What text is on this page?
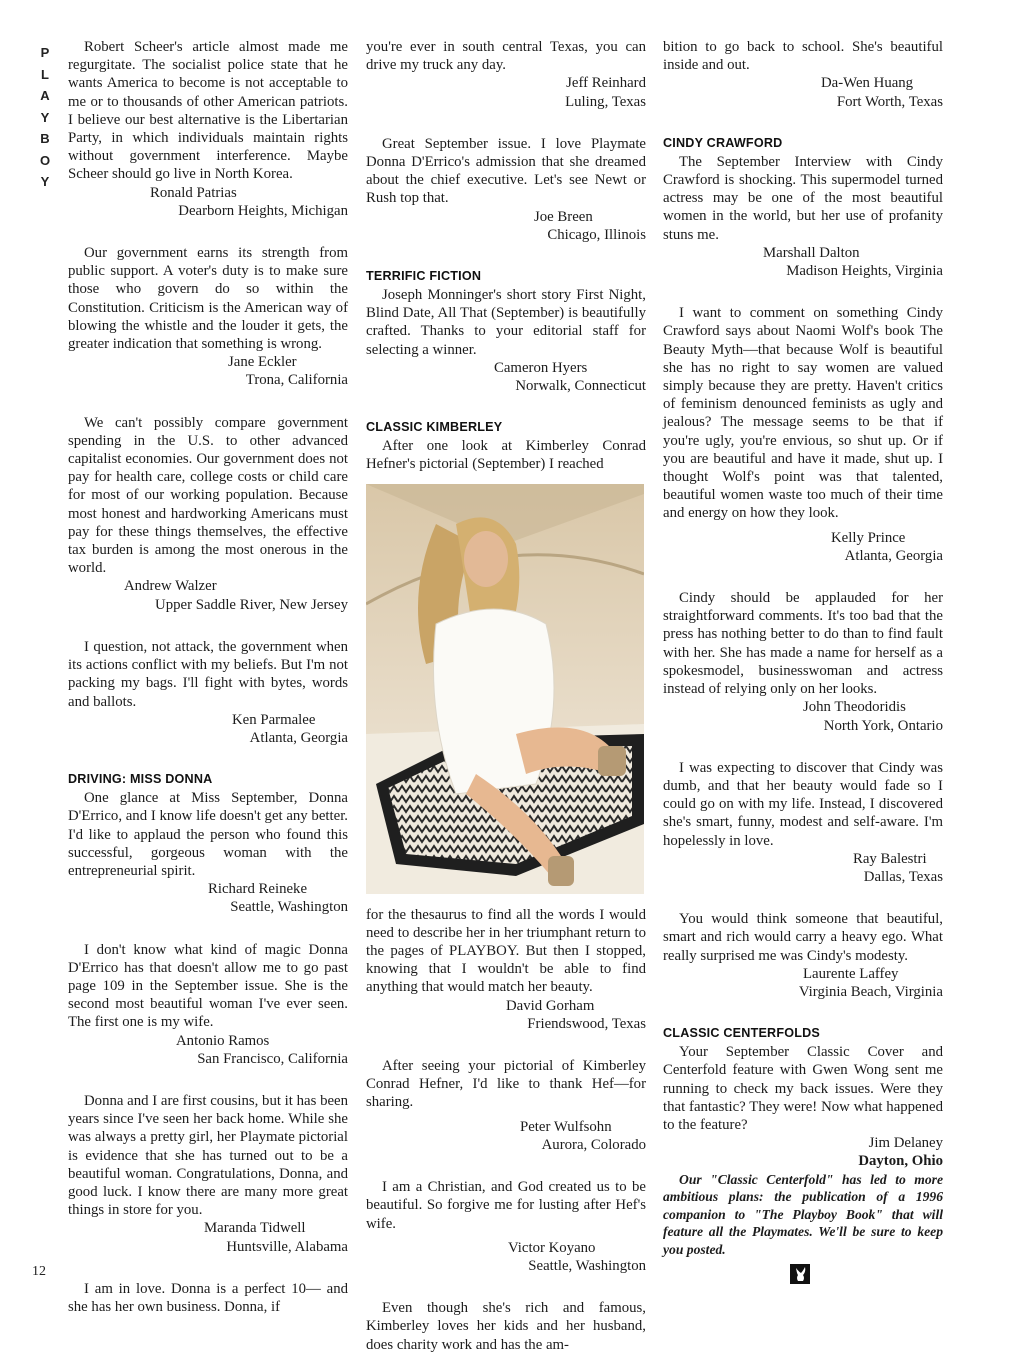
P
L
A
Y
B
O
Y
12

Robert Scheer's article almost made me regurgitate. The socialist police state that he wants America to become is not acceptable to me or to thousands of other American patriots. I believe our best alternative is the Libertarian Party, in which individuals maintain rights without government interference. Maybe Scheer should go live in North Korea.

Ronald Patrias
Dearborn Heights, Michigan

Our government earns its strength from public support. A voter's duty is to make sure those who govern do so within the Constitution. Criticism is the American way of blowing the whistle and the louder it gets, the greater indication that something is wrong.

Jane Eckler
Trona, California

We can't possibly compare government spending in the U.S. to other advanced capitalist economies. Our government does not pay for health care, college costs or child care for most of our working population. Because most honest and hardworking Americans must pay for these things themselves, the effective tax burden is among the most onerous in the world.

Andrew Walzer
Upper Saddle River, New Jersey

I question, not attack, the government when its actions conflict with my beliefs. But I'm not packing my bags. I'll fight with bytes, words and ballots.

Ken Parmalee
Atlanta, Georgia
DRIVING: MISS DONNA

One glance at Miss September, Donna D'Errico, and I know life doesn't get any better. I'd like to applaud the person who found this successful, gorgeous woman with the entrepreneurial spirit.

Richard Reineke
Seattle, Washington

I don't know what kind of magic Donna D'Errico has that doesn't allow me to go past page 109 in the September issue. She is the second most beautiful woman I've ever seen. The first one is my wife.

Antonio Ramos
San Francisco, California

Donna and I are first cousins, but it has been years since I've seen her back home. While she was always a pretty girl, her Playmate pictorial is evidence that she has turned out to be a beautiful woman. Congratulations, Donna, and good luck. I know there are many more great things in store for you.

Maranda Tidwell
Huntsville, Alabama

I am in love. Donna is a perfect 10— and she has her own business. Donna, if

you're ever in south central Texas, you can drive my truck any day.

Jeff Reinhard
Luling, Texas

Great September issue. I love Playmate Donna D'Errico's admission that she dreamed about the chief executive. Let's see Newt or Rush top that.

Joe Breen
Chicago, Illinois
TERRIFIC FICTION

Joseph Monninger's short story First Night, Blind Date, All That (September) is beautifully crafted. Thanks to your editorial staff for selecting a winner.

Cameron Hyers
Norwalk, Connecticut
CLASSIC KIMBERLEY

After one look at Kimberley Conrad Hefner's pictorial (September) I reached

for the thesaurus to find all the words I would need to describe her in her triumphant return to the pages of PLAYBOY. But then I stopped, knowing that I wouldn't be able to find anything that would match her beauty.

David Gorham
Friendswood, Texas

After seeing your pictorial of Kimberley Conrad Hefner, I'd like to thank Hef—for sharing.

Peter Wulfsohn
Aurora, Colorado

I am a Christian, and God created us to be beautiful. So forgive me for lusting after Hef's wife.

Victor Koyano
Seattle, Washington

Even though she's rich and famous, Kimberley loves her kids and her husband, does charity work and has the am-

bition to go back to school. She's beautiful inside and out.

Da-Wen Huang
Fort Worth, Texas
CINDY CRAWFORD

The September Interview with Cindy Crawford is shocking. This supermodel turned actress may be one of the most beautiful women in the world, but her use of profanity stuns me.

Marshall Dalton
Madison Heights, Virginia

I want to comment on something Cindy Crawford says about Naomi Wolf's book The Beauty Myth—that because Wolf is beautiful she has no right to say women are valued simply because they are pretty. Haven't critics of feminism denounced feminists as ugly and jealous? The message seems to be that if you're ugly, you're envious, so shut up. Or if you are beautiful and have it made, shut up. I thought Wolf's point was that talented, beautiful women waste too much of their time and energy on how they look.

Kelly Prince
Atlanta, Georgia

Cindy should be applauded for her straightforward comments. It's too bad that the press has nothing better to do than to find fault with her. She has made a name for herself as a spokesmodel, businesswoman and actress instead of relying only on her looks.

John Theodoridis
North York, Ontario

I was expecting to discover that Cindy was dumb, and that her beauty would fade so I could go on with my life. Instead, I discovered she's smart, funny, modest and self-aware. I'm hopelessly in love.

Ray Balestri
Dallas, Texas

You would think someone that beautiful, smart and rich would carry a heavy ego. What really surprised me was Cindy's modesty.

Laurente Laffey
Virginia Beach, Virginia
CLASSIC CENTERFOLDS

Your September Classic Cover and Centerfold feature with Gwen Wong sent me running to check my back issues. Were they that fantastic? They were! Now what happened to the feature?

Jim Delaney
Dayton, Ohio

Our "Classic Centerfold" has led to more ambitious plans: the publication of a 1996 companion to "The Playboy Book" that will feature all the Playmates. We'll be sure to keep you posted.
